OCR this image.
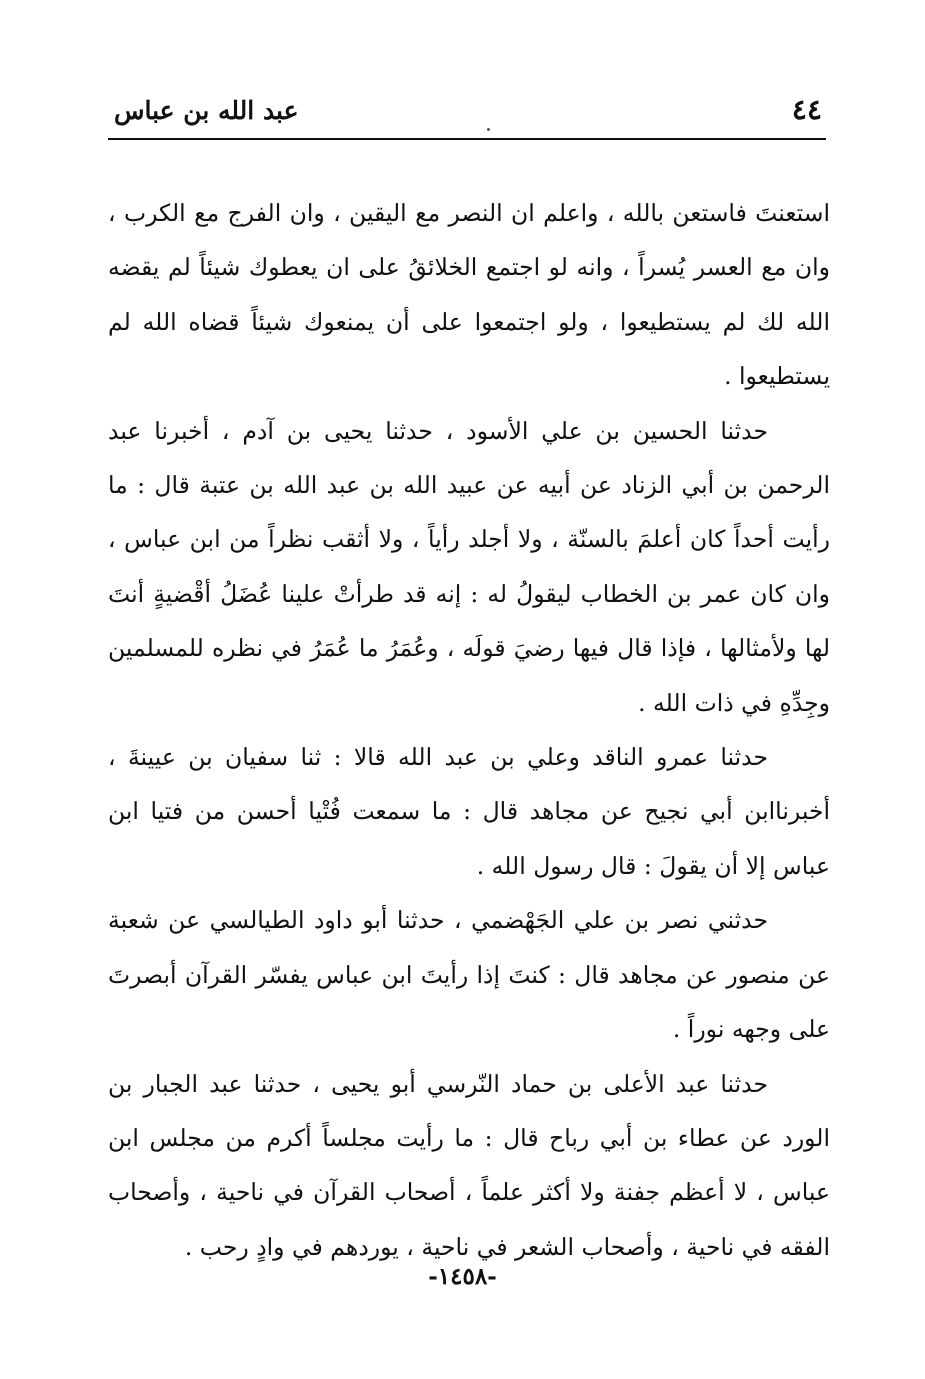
٤٤
عبد الله بن عباس

استعنتَ فاستعن بالله ، واعلم ان النصر مع اليقين ، وان الفرج مع الكرب ، وان مع العسر يُسراً ، وانه لو اجتمع الخلائقُ على ان يعطوك شيئاً لم يقضه الله لك لم يستطيعوا ، ولو اجتمعوا على أن يمنعوك شيئاً قضاه الله لم يستطيعوا .

حدثنا الحسين بن علي الأسود ، حدثنا يحيى بن آدم ، أخبرنا عبد الرحمن بن أبي الزناد عن أبيه عن عبيد الله بن عبد الله بن عتبة قال : ما رأيت أحداً كان أعلمَ بالسنّة ، ولا أجلد رأياً ، ولا أثقب نظراً من ابن عباس ، وان كان عمر بن الخطاب ليقولُ له : إنه قد طرأتْ علينا عُضَلُ أقْضيةٍ أنتَ لها ولأمثالها ، فإذا قال فيها رضيَ قولَه ، وعُمَرُ ما عُمَرُ في نظره للمسلمين وجِدِّهِ في ذات الله .

حدثنا عمرو الناقد وعلي بن عبد الله قالا : ثنا سفيان بن عيينةَ ، أخبرناابن أبي نجيح عن مجاهد قال : ما سمعت فُتْيا أحسن من فتيا ابن عباس إلا أن يقولَ : قال رسول الله .

حدثني نصر بن علي الجَهْضمي ، حدثنا أبو داود الطيالسي عن شعبة عن منصور عن مجاهد قال : كنتَ إذا رأيتَ ابن عباس يفسّر القرآن أبصرتَ على وجهه نوراً .

حدثنا عبد الأعلى بن حماد النّرسي أبو يحيى ، حدثنا عبد الجبار بن الورد عن عطاء بن أبي رباح قال : ما رأيت مجلساً أكرم من مجلس ابن عباس ، لا أعظم جفنة ولا أكثر علماً ، أصحاب القرآن في ناحية ، وأصحاب الفقه في ناحية ، وأصحاب الشعر في ناحية ، يوردهم في وادٍ رحب .

-١٤٥٨-
